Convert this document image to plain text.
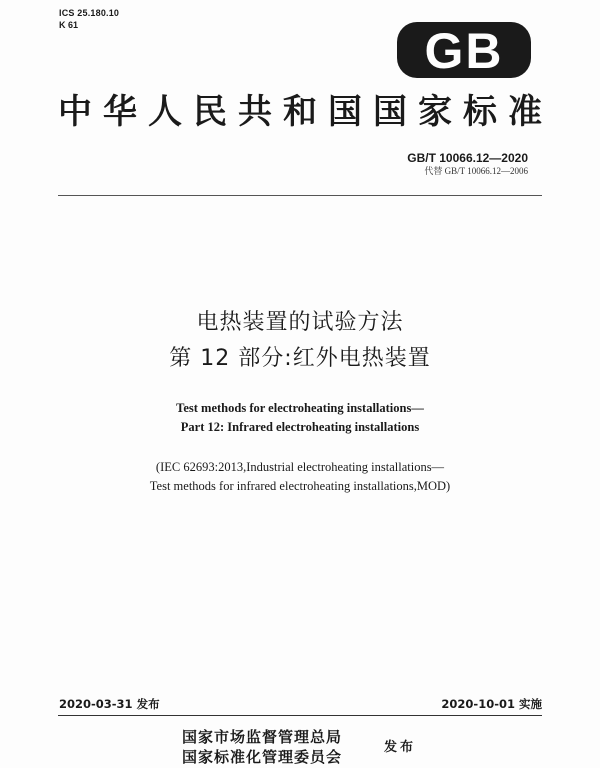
ICS 25.180.10
K 61	GB
中华人民共和国国家标准
GB/T 10066.12—2020
代替 GB/T 10066.12—2006
电热装置的试验方法
第 12 部分:红外电热装置
Test methods for electroheating installations—
Part 12: Infrared electroheating installations
(IEC 62693:2013,Industrial electroheating installations—
Test methods for infrared electroheating installations,MOD)
2020-03-31 发布	2020-10-01 实施
国家市场监督管理总局
国家标准化管理委员会
发布
